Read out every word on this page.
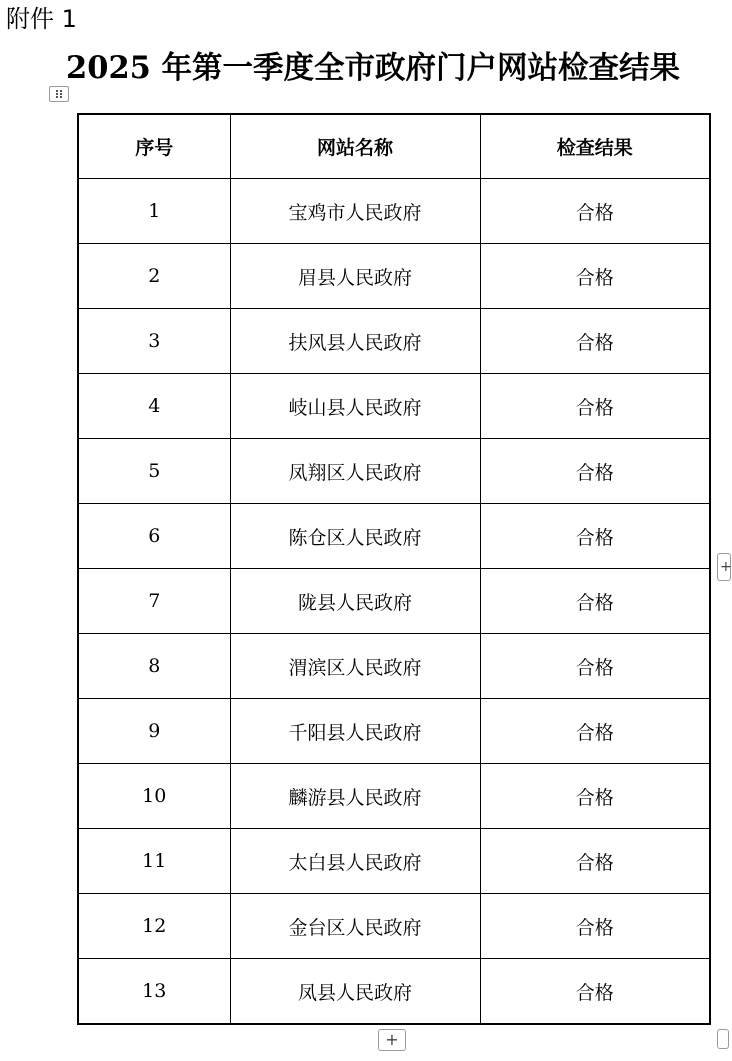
附件 1
2025 年第一季度全市政府门户网站检查结果
序号	网站名称	检查结果
1	宝鸡市人民政府	合格
2	眉县人民政府	合格
3	扶风县人民政府	合格
4	岐山县人民政府	合格
5	凤翔区人民政府	合格
6	陈仓区人民政府	合格
7	陇县人民政府	合格
8	渭滨区人民政府	合格
9	千阳县人民政府	合格
10	麟游县人民政府	合格
11	太白县人民政府	合格
12	金台区人民政府	合格
13	凤县人民政府	合格
+
+
